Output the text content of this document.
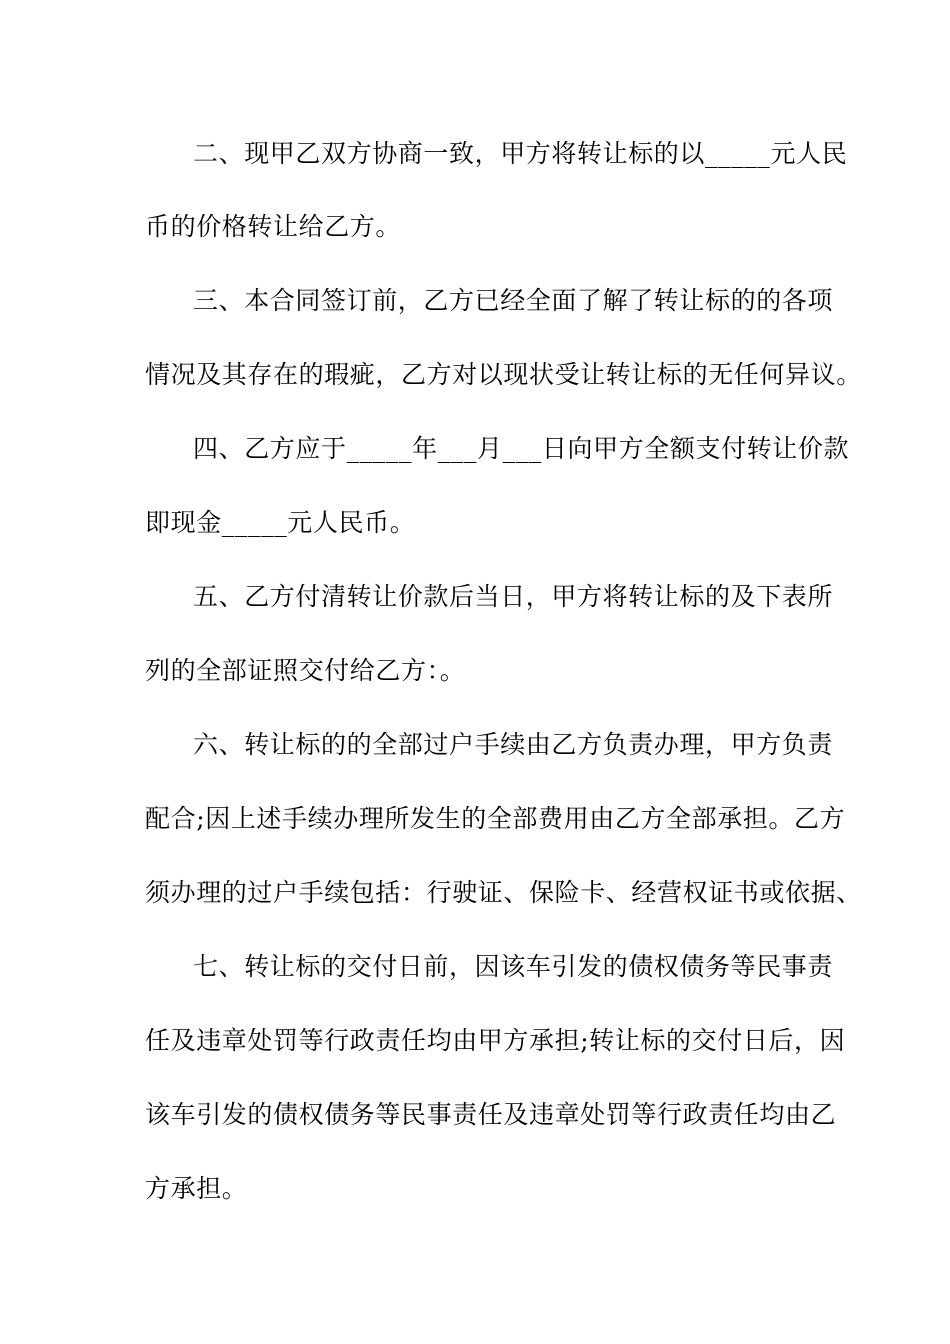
二、现甲乙双方协商一致，甲方将转让标的以_____元人民
币的价格转让给乙方。
三、本合同签订前，乙方已经全面了解了转让标的的各项
情况及其存在的瑕疵，乙方对以现状受让转让标的无任何异议。
四、乙方应于_____年___月___日向甲方全额支付转让价款
即现金_____元人民币。
五、乙方付清转让价款后当日，甲方将转让标的及下表所
列的全部证照交付给乙方：。
六、转让标的的全部过户手续由乙方负责办理，甲方负责
配合;因上述手续办理所发生的全部费用由乙方全部承担。乙方
须办理的过户手续包括：行驶证、保险卡、经营权证书或依据、
七、转让标的交付日前，因该车引发的债权债务等民事责
任及违章处罚等行政责任均由甲方承担;转让标的交付日后，因
该车引发的债权债务等民事责任及违章处罚等行政责任均由乙
方承担。
